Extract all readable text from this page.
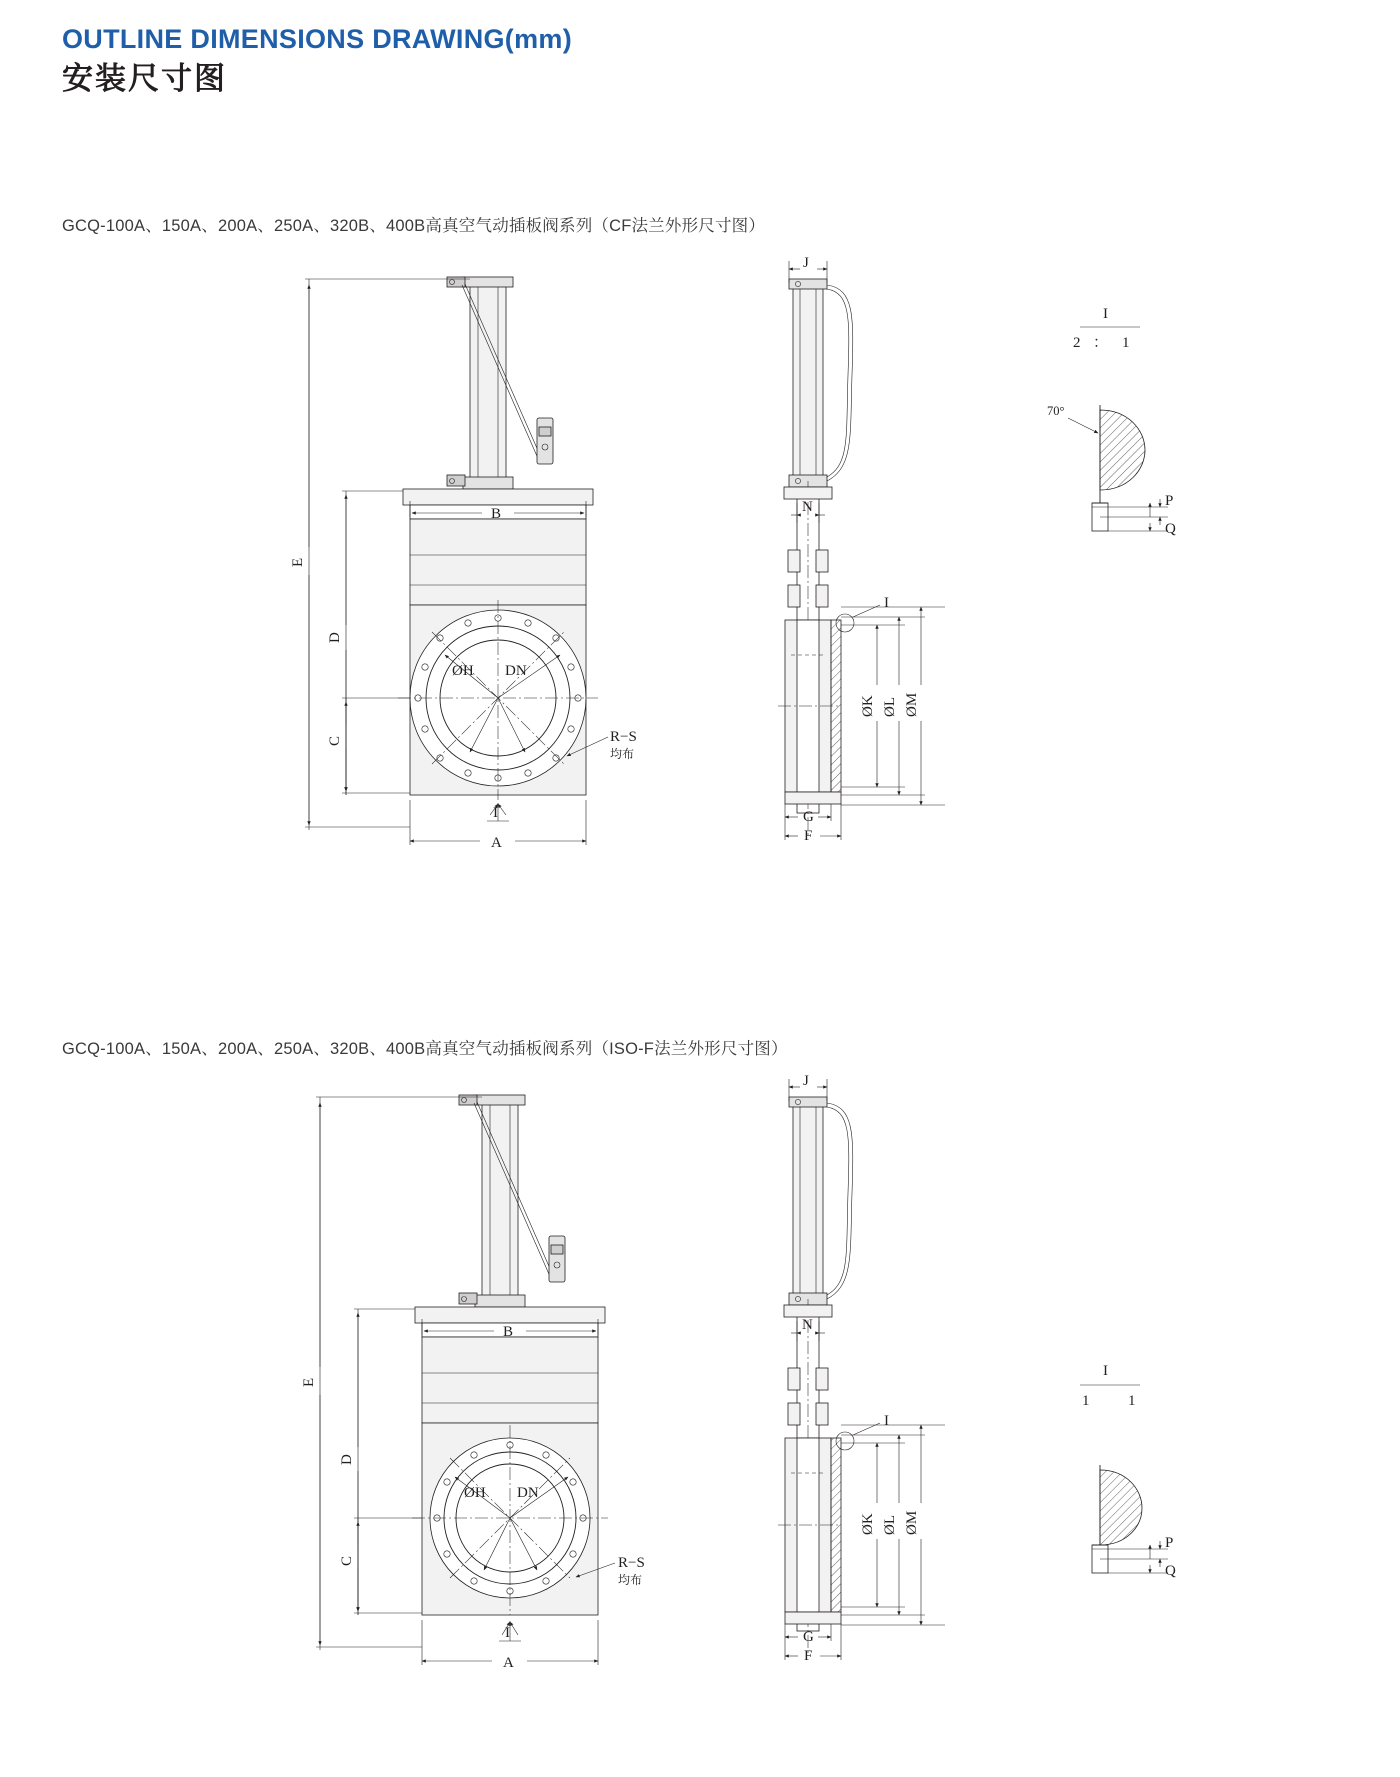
OUTLINE DIMENSIONS DRAWING(mm)
安装尺寸图
GCQ-100A、150A、200A、250A、320B、400B高真空气动插板阀系列（CF法兰外形尺寸图）
ØH DN
R−S
均布
I
E
D
C
A
B
J
N
I
ØK ØL ØM
G
F
I
2 ： 1
70°
P
Q
GCQ-100A、150A、200A、250A、320B、400B高真空气动插板阀系列（ISO-F法兰外形尺寸图）
ØH DN
R−S
均布
I
E
D
C
A
B
J
N
I
ØK ØL ØM
G
F
I
1	1
P
Q
